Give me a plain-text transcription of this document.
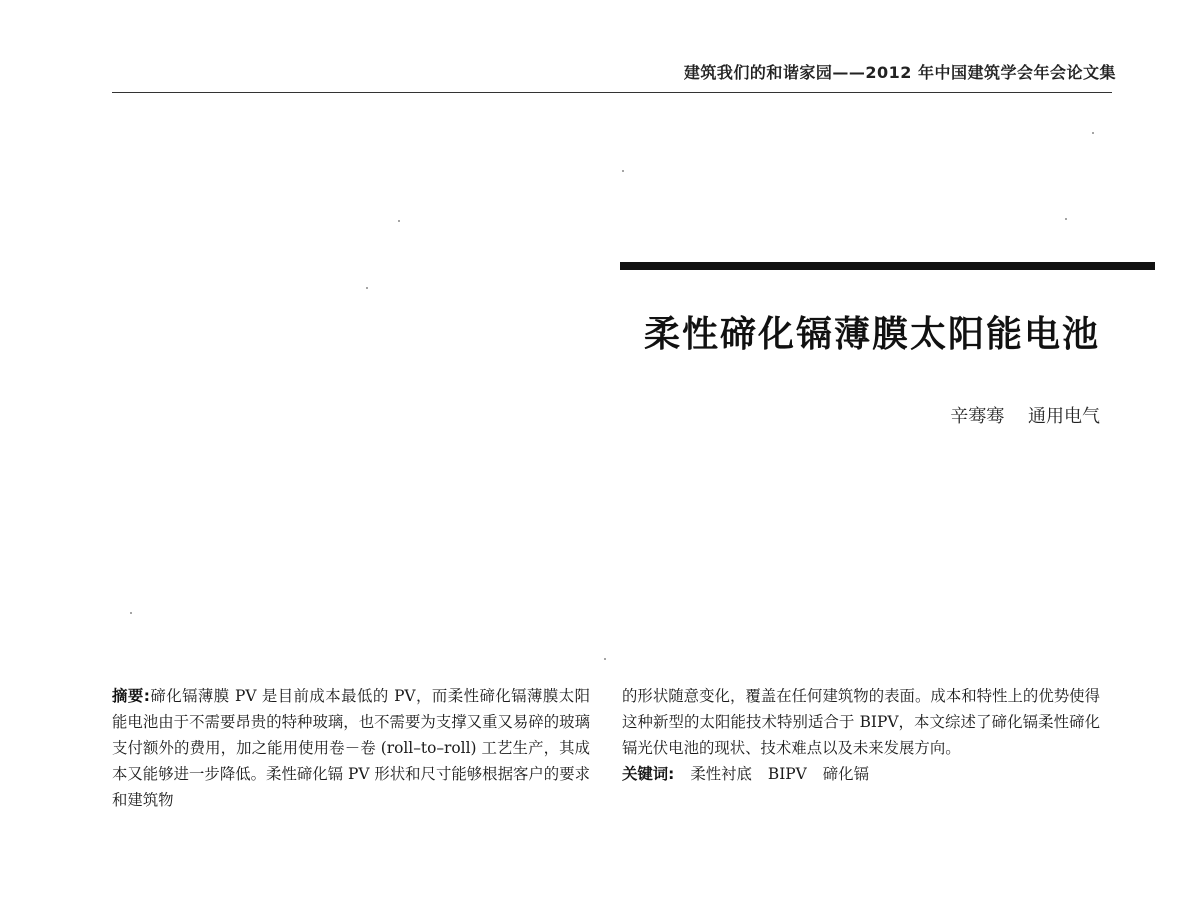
建筑我们的和谐家园——2012 年中国建筑学会年会论文集
柔性碲化镉薄膜太阳能电池
辛骞骞 通用电气

摘要:碲化镉薄膜 PV 是目前成本最低的 PV，而柔性碲化镉薄膜太阳能电池由于不需要昂贵的特种玻璃，也不需要为支撑又重又易碎的玻璃支付额外的费用，加之能用使用卷－卷 (roll–to–roll) 工艺生产，其成本又能够进一步降低。柔性碲化镉 PV 形状和尺寸能够根据客户的要求和建筑物

的形状随意变化，覆盖在任何建筑物的表面。成本和特性上的优势使得这种新型的太阳能技术特别适合于 BIPV，本文综述了碲化镉柔性碲化镉光伏电池的现状、技术难点以及未来发展方向。

关键词: 柔性衬底 BIPV 碲化镉
